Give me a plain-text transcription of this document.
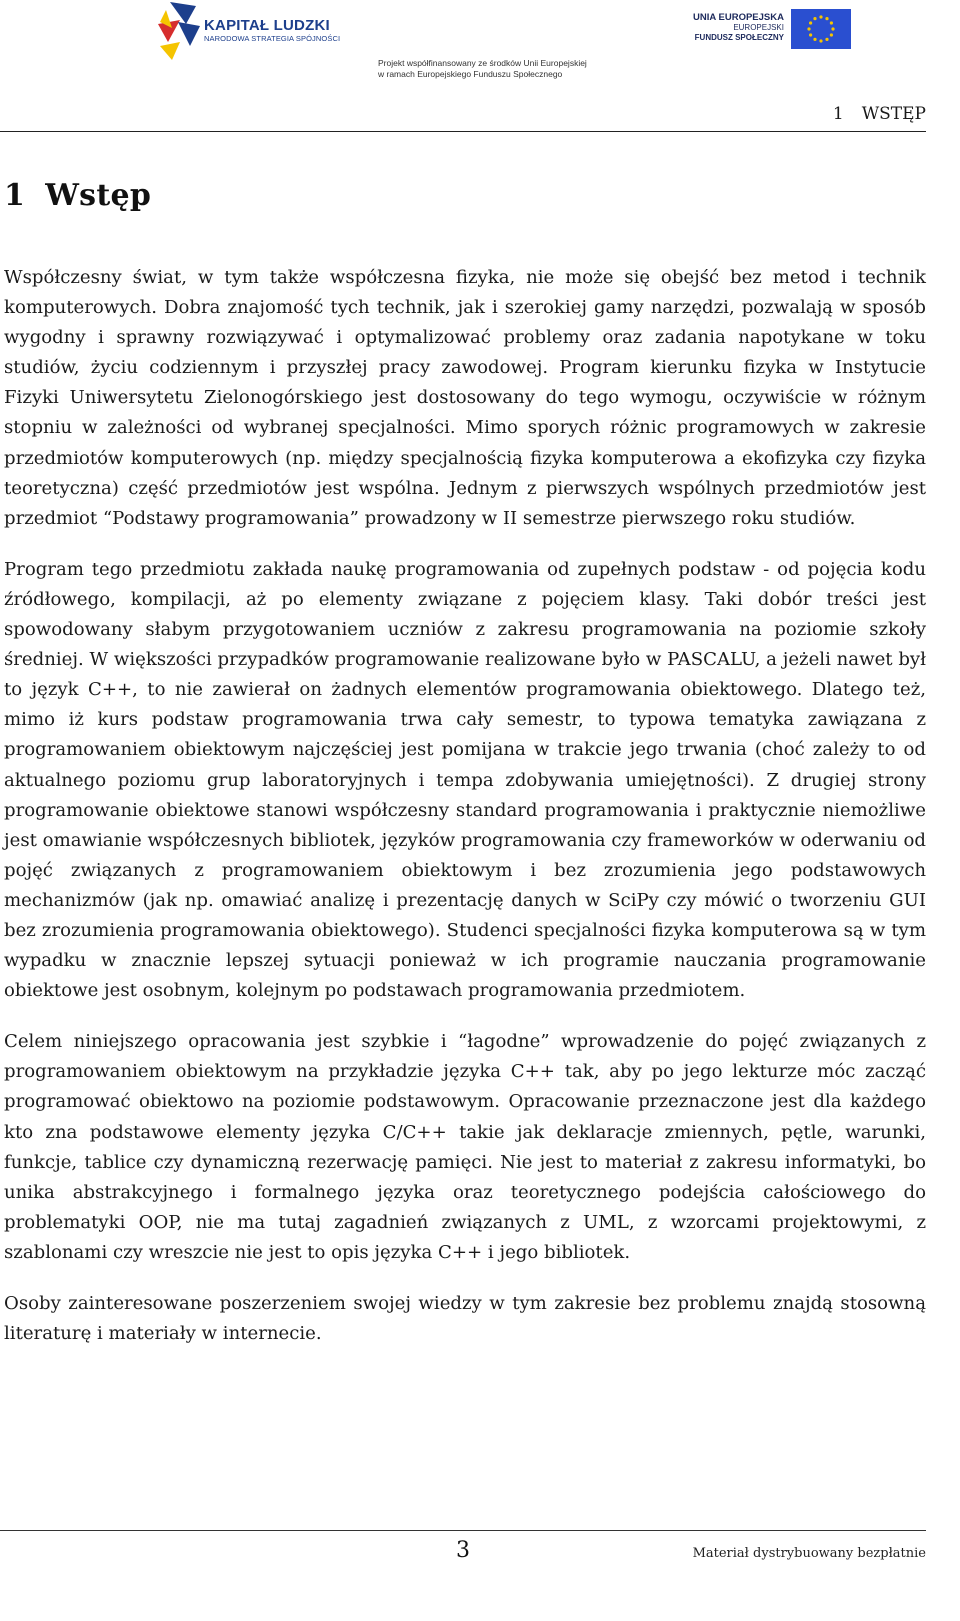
KAPITAŁ LUDZKI
NARODOWA STRATEGIA SPÓJNOŚCI
UNIA EUROPEJSKA
EUROPEJSKI
FUNDUSZ SPOŁECZNY
Projekt współfinansowany ze środków Unii Europejskiej
w ramach Europejskiego Funduszu Społecznego
1 WSTĘP
1 Wstęp

Współczesny świat, w tym także współczesna fizyka, nie może się obejść bez metod i technik komputerowych. Dobra znajomość tych technik, jak i szerokiej gamy narzędzi, pozwalają w sposób wygodny i sprawny rozwiązywać i optymalizować problemy oraz zadania napotykane w toku studiów, życiu codziennym i przyszłej pracy zawodowej. Program kierunku fizyka w Instytucie Fizyki Uniwersytetu Zielonogórskiego jest dostosowany do tego wymogu, oczywiście w różnym stopniu w zależności od wybranej specjalności. Mimo sporych różnic programowych w zakresie przedmiotów komputerowych (np. między specjalnością fizyka komputerowa a ekofizyka czy fizyka teoretyczna) część przedmiotów jest wspólna. Jednym z pierwszych wspólnych przedmiotów jest przedmiot “Podstawy programowania” prowadzony w II semestrze pierwszego roku studiów.

Program tego przedmiotu zakłada naukę programowania od zupełnych podstaw - od pojęcia kodu źródłowego, kompilacji, aż po elementy związane z pojęciem klasy. Taki dobór treści jest spowodowany słabym przygotowaniem uczniów z zakresu programowania na poziomie szkoły średniej. W większości przypadków programowanie realizowane było w PASCALU, a jeżeli nawet był to język C++, to nie zawierał on żadnych elementów programowania obiektowego. Dlatego też, mimo iż kurs podstaw programowania trwa cały semestr, to typowa tematyka zawiązana z programowaniem obiektowym najczęściej jest pomijana w trakcie jego trwania (choć zależy to od aktualnego poziomu grup laboratoryjnych i tempa zdobywania umiejętności). Z drugiej strony programowanie obiektowe stanowi współczesny standard programowania i praktycznie niemożliwe jest omawianie współczesnych bibliotek, języków programowania czy frameworków w oderwaniu od pojęć związanych z programowaniem obiektowym i bez zrozumienia jego podstawowych mechanizmów (jak np. omawiać analizę i prezentację danych w SciPy czy mówić o tworzeniu GUI bez zrozumienia programowania obiektowego). Studenci specjalności fizyka komputerowa są w tym wypadku w znacznie lepszej sytuacji ponieważ w ich programie nauczania programowanie obiektowe jest osobnym, kolejnym po podstawach programowania przedmiotem.

Celem niniejszego opracowania jest szybkie i “łagodne” wprowadzenie do pojęć związanych z programowaniem obiektowym na przykładzie języka C++ tak, aby po jego lekturze móc zacząć programować obiektowo na poziomie podstawowym. Opracowanie przeznaczone jest dla każdego kto zna podstawowe elementy języka C/C++ takie jak deklaracje zmiennych, pętle, warunki, funkcje, tablice czy dynamiczną rezerwację pamięci. Nie jest to materiał z zakresu informatyki, bo unika abstrakcyjnego i formalnego języka oraz teoretycznego podejścia całościowego do problematyki OOP, nie ma tutaj zagadnień związanych z UML, z wzorcami projektowymi, z szablonami czy wreszcie nie jest to opis języka C++ i jego bibliotek.

Osoby zainteresowane poszerzeniem swojej wiedzy w tym zakresie bez problemu znajdą stosowną literaturę i materiały w internecie.

3	Materiał dystrybuowany bezpłatnie
